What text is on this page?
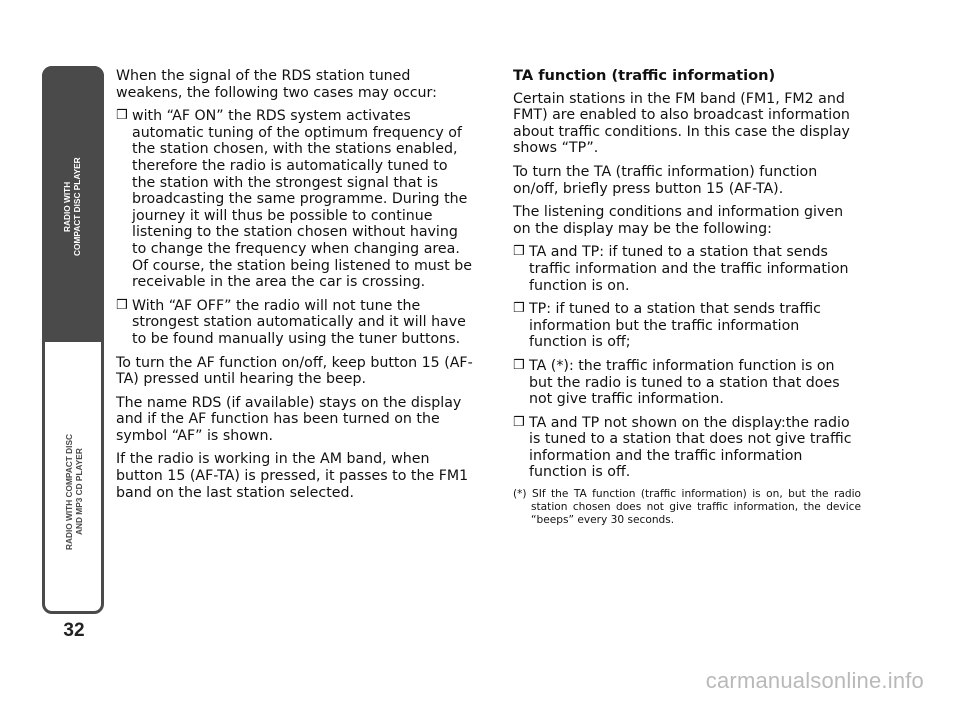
RADIO WITH
COMPACT DISC PLAYER
RADIO WITH COMPACT DISC
AND MP3 CD PLAYER
32

When the signal of the RDS station tuned weakens, the following two cases may occur:

❒ with “AF ON” the RDS system activates automatic tuning of the optimum frequency of the station chosen, with the stations enabled, therefore the radio is automatically tuned to the station with the strongest signal that is broadcasting the same programme. During the journey it will thus be possible to continue listening to the station chosen without having to change the frequency when changing area. Of course, the station being listened to must be receivable in the area the car is crossing.
❒ With “AF OFF” the radio will not tune the strongest station automatically and it will have to be found manually using the tuner buttons.

To turn the AF function on/off, keep button 15 (AF-TA) pressed until hearing the beep.

The name RDS (if available) stays on the display and if the AF function has been turned on the symbol “AF” is shown.

If the radio is working in the AM band, when button 15 (AF-TA) is pressed, it passes to the FM1 band on the last station selected.

TA function (traffic information)

Certain stations in the FM band (FM1, FM2 and FMT) are enabled to also broadcast information about traffic conditions. In this case the display shows “TP”.

To turn the TA (traffic information) function on/off, briefly press button 15 (AF-TA).

The listening conditions and information given on the display may be the following:

❒ TA and TP: if tuned to a station that sends traffic information and the traffic information function is on.
❒ TP: if tuned to a station that sends traffic information but the traffic information function is off;
❒ TA (*): the traffic information function is on but the radio is tuned to a station that does not give traffic information.
❒ TA and TP not shown on the display:the radio is tuned to a station that does not give traffic information and the traffic information function is off.

(*) SIf the TA function (traffic information) is on, but the radio station chosen does not give traffic information, the device “beeps” every 30 seconds.

carmanualsonline.info
